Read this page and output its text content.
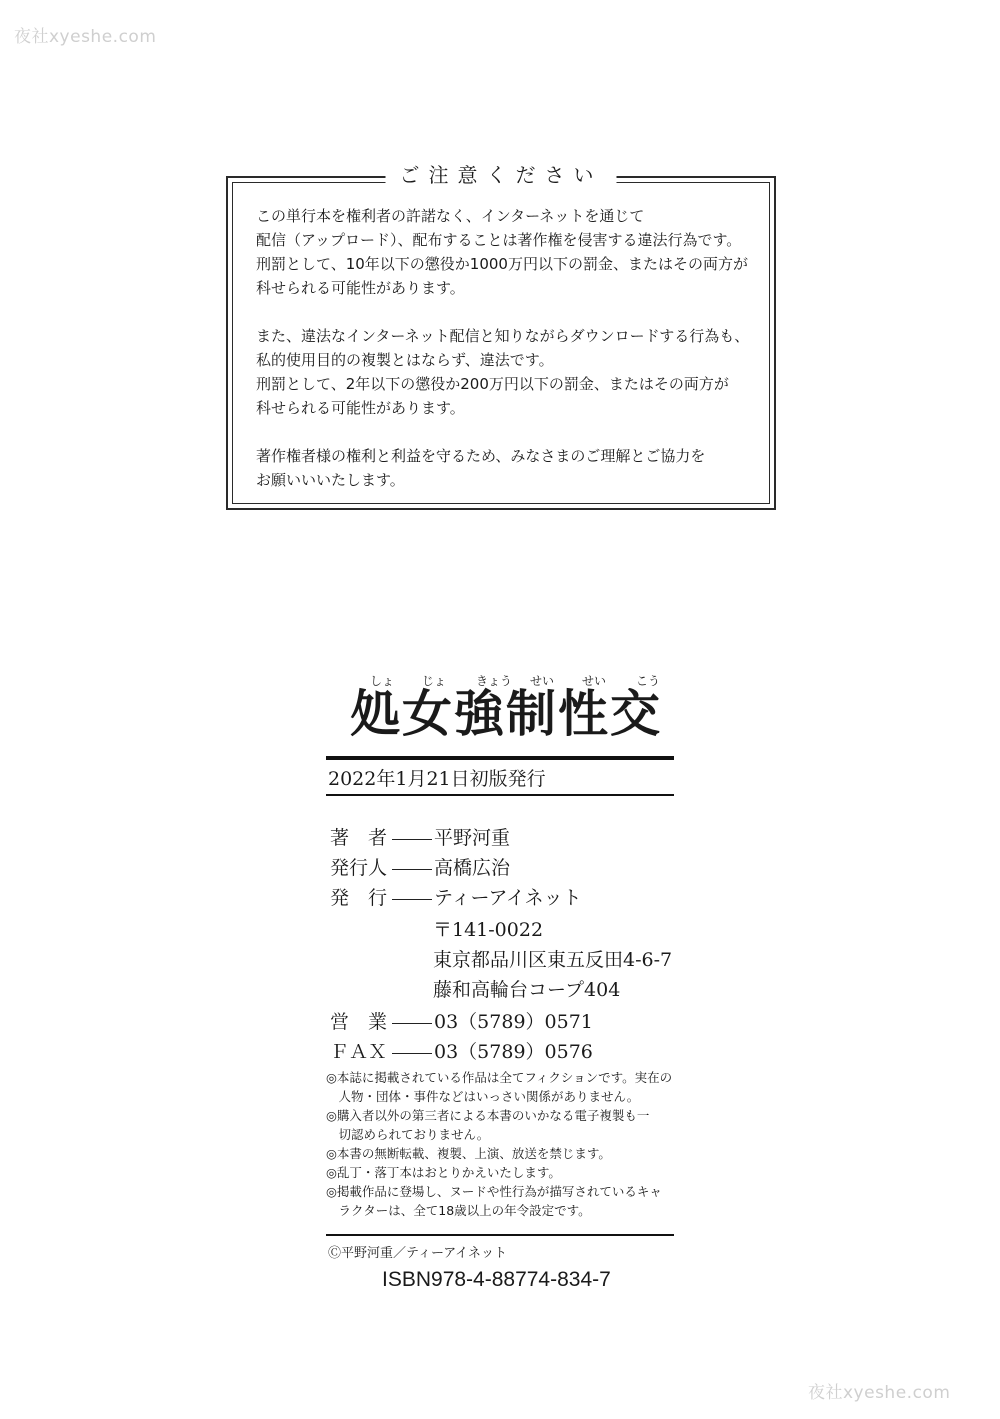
夜社xyeshe.com
夜社xyeshe.com
ご注意ください

この単行本を権利者の許諾なく、インターネットを通じて
配信（アップロード）、配布することは著作権を侵害する違法行為です。
刑罰として、10年以下の懲役か1000万円以下の罰金、またはその両方が
科せられる可能性があります。

また、違法なインターネット配信と知りながらダウンロードする行為も、
私的使用目的の複製とはならず、違法です。
刑罰として、2年以下の懲役か200万円以下の罰金、またはその両方が
科せられる可能性があります。

著作権者様の権利と利益を守るため、みなさまのご理解とご協力を
お願いいいたします。

しょ じょ きょう せい せい こう
処女強制性交
2022年1月21日初版発行
著　者 平野河重
発行人 高橋広治
発　行 ティーアイネット
〒141-0022
東京都品川区東五反田4-6-7
藤和高輪台コープ404
営　業 03（5789）0571
ＦＡＸ 03（5789）0576
◎本誌に掲載されている作品は全てフィクションです。実在の
　人物・団体・事件などはいっさい関係がありません。
◎購入者以外の第三者による本書のいかなる電子複製も一
　切認められておりません。
◎本書の無断転載、複製、上演、放送を禁じます。
◎乱丁・落丁本はおとりかえいたします。
◎掲載作品に登場し、ヌードや性行為が描写されているキャ
　ラクターは、全て18歳以上の年令設定です。
Ⓒ平野河重／ティーアイネット
ISBN978-4-88774-834-7
